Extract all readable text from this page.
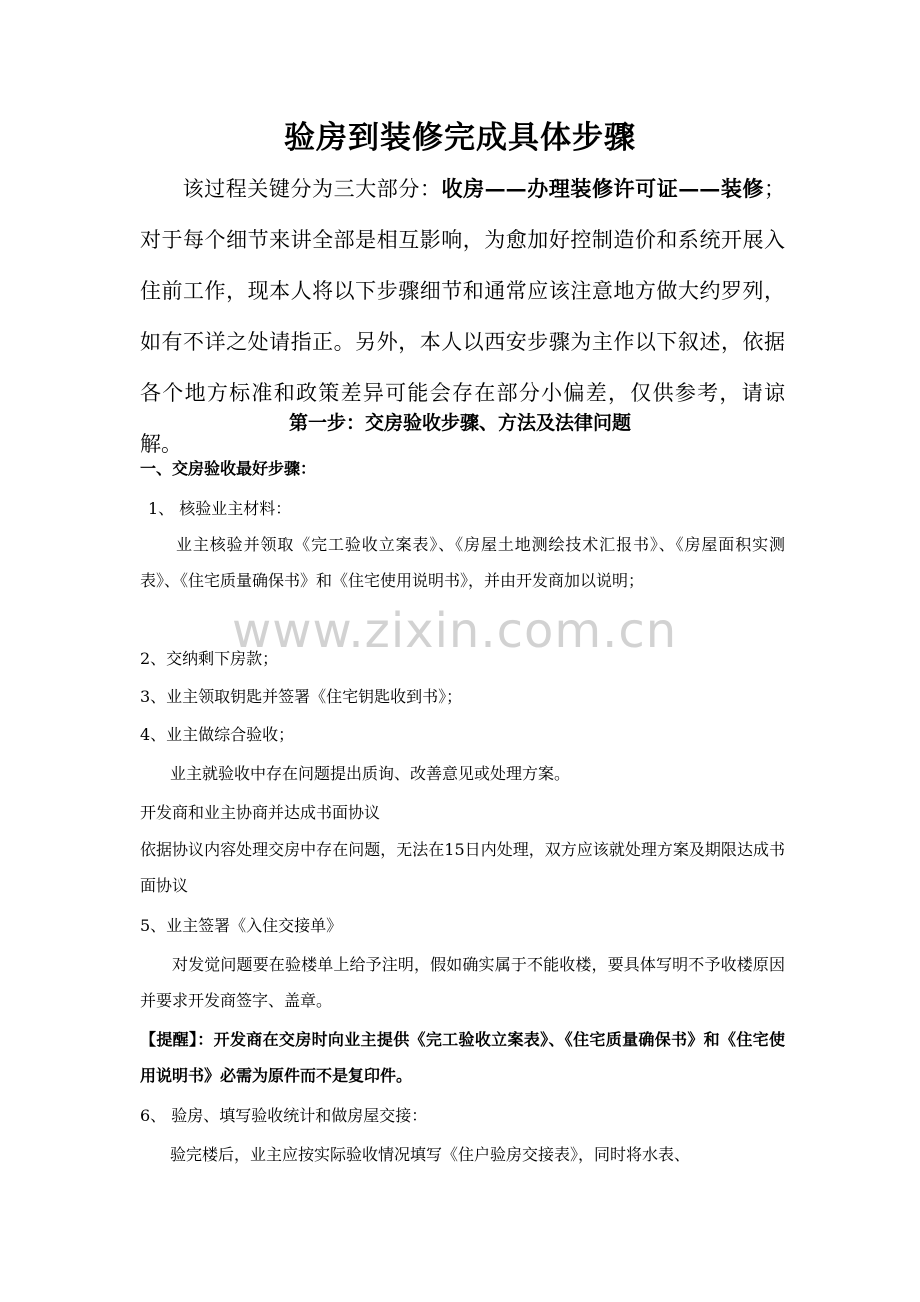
验房到装修完成具体步骤
该过程关键分为三大部分：收房——办理装修许可证——装修；对于每个细节来讲全部是相互影响，为愈加好控制造价和系统开展入住前工作，现本人将以下步骤细节和通常应该注意地方做大约罗列，如有不详之处请指正。另外，本人以西安步骤为主作以下叙述，依据各个地方标准和政策差异可能会存在部分小偏差，仅供参考，请谅解。
第一步：交房验收步骤、方法及法律问题
一、交房验收最好步骤：
1、 核验业主材料：
业主核验并领取《完工验收立案表》、《房屋土地测绘技术汇报书》、《房屋面积实测表》、《住宅质量确保书》和《住宅使用说明书》，并由开发商加以说明；
2、交纳剩下房款；
3、业主领取钥匙并签署《住宅钥匙收到书》；
4、业主做综合验收；
业主就验收中存在问题提出质询、改善意见或处理方案。
开发商和业主协商并达成书面协议
依据协议内容处理交房中存在问题，无法在15日内处理，双方应该就处理方案及期限达成书面协议
5、业主签署《入住交接单》
对发觉问题要在验楼单上给予注明，假如确实属于不能收楼，要具体写明不予收楼原因并要求开发商签字、盖章。
【提醒】：开发商在交房时向业主提供《完工验收立案表》、《住宅质量确保书》和《住宅使用说明书》必需为原件而不是复印件。
6、 验房、填写验收统计和做房屋交接：
验完楼后，业主应按实际验收情况填写《住户验房交接表》，同时将水表、
www.zixin.com.cn
